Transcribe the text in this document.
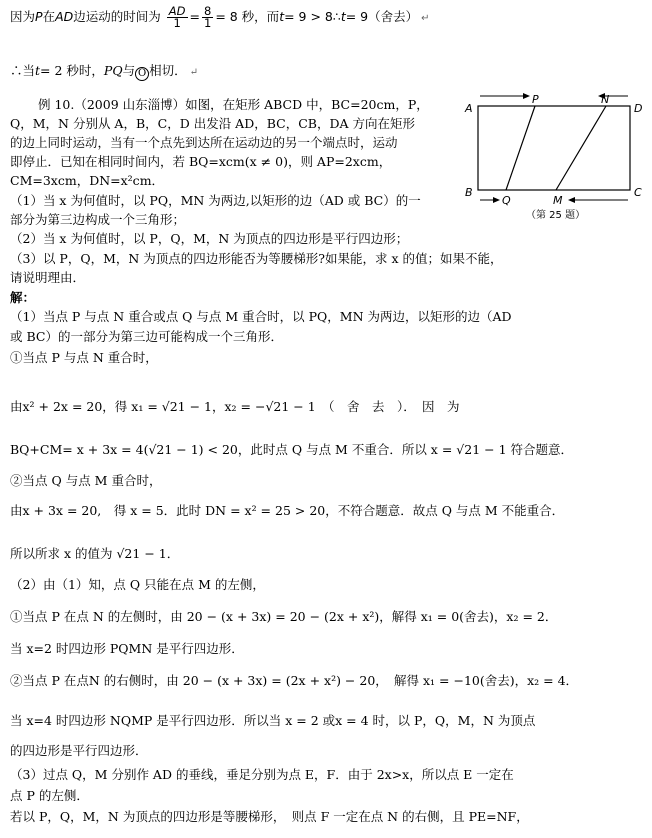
因为P在AD边运动的时间为 $\frac{AD}{1} = \frac{8}{1} = 8$ 秒，而t= 9 > 8∴t= 9（舍去） ↵
∴当t= 2 秒时，PQ与 O 相切． ↵
例 10.（2009 山东淄博）如图，在矩形 ABCD 中，BC=20cm，P，
Q，M，N 分别从 A，B，C，D 出发沿 AD，BC，CB，DA 方向在矩形
的边上同时运动，当有一个点先到达所在运动边的另一个端点时，运动
即停止．已知在相同时间内，若 BQ=xcm(x ≠ 0)，则 AP=2xcm，
CM=3xcm，DN=x²cm．
（1）当 x 为何值时，以 PQ，MN 为两边,以矩形的边（AD 或 BC）的一
部分为第三边构成一个三角形；
（2）当 x 为何值时，以 P，Q，M，N 为顶点的四边形是平行四边形；
（3）以 P，Q，M，N 为顶点的四边形能否为等腰梯形?如果能，求 x 的值；如果不能，
请说明理由．
解：
（1）当点 P 与点 N 重合或点 Q 与点 M 重合时，以 PQ，MN 为两边，以矩形的边（AD
或 BC）的一部分为第三边可能构成一个三角形．
①当点 P 与点 N 重合时，
由x² + 2x = 20，得 x₁ = √21 − 1，x₂ = −√21 − 1　（　舍　去　）．　因　为
BQ+CM= x + 3x = 4(√21 − 1) < 20，此时点 Q 与点 M 不重合．所以 x = √21 − 1 符合题意．
②当点 Q 与点 M 重合时，
由x + 3x = 20,　得 x = 5．此时 DN = x² = 25 > 20，不符合题意．故点 Q 与点 M 不能重合．
所以所求 x 的值为 √21 − 1．
（2）由（1）知，点 Q 只能在点 M 的左侧，
①当点 P 在点 N 的左侧时，由 20 − (x + 3x) = 20 − (2x + x²)，解得 x₁ = 0(舍去)，x₂ = 2．
当 x=2 时四边形 PQMN 是平行四边形．
②当点 P 在点N 的右侧时，由 20 − (x + 3x) = (2x + x²) − 20，　解得 x₁ = −10(舍去)，x₂ = 4．
当 x=4 时四边形 NQMP 是平行四边形．所以当 x = 2 或x = 4 时，以 P，Q，M，N 为顶点
的四边形是平行四边形．
（3）过点 Q，M 分别作 AD 的垂线，垂足分别为点 E，F．由于 2x>x，所以点 E 一定在
点 P 的左侧．
若以 P，Q，M，N 为顶点的四边形是等腰梯形，　则点 F 一定在点 N 的右侧，且 PE=NF，
A
P	N
D
B
Q	M
C
（第 25 题）
